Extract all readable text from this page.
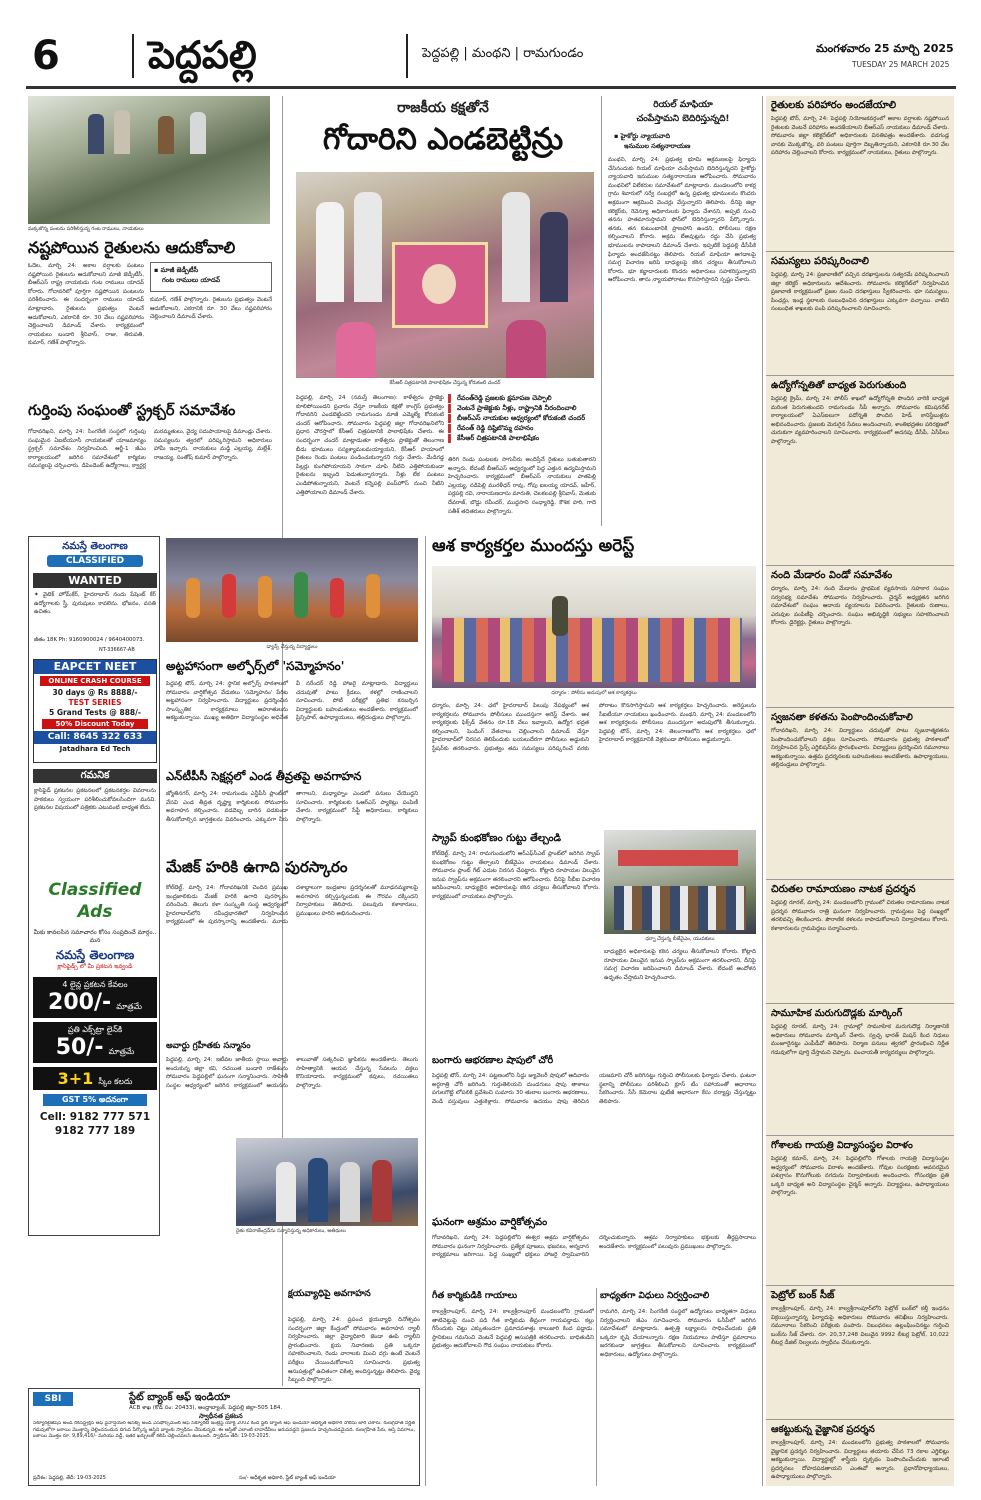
6 పెద్దపల్లి	పెద్దపల్లి | మంథని | రామగుండం	మంగళవారం 25 మార్చి 2025
TUESDAY 25 MARCH 2025
మక్కజొన్న పంటను పరిశీలిస్తున్న గంట రాములు, నాయకులు
నష్టపోయిన రైతులను ఆదుకోవాలి
ఓదెల, మార్చి 24: అకాల వర్షాలకు పంటలు నష్టపోయిన రైతులను ఆదుకోవాలని మాజీ జెడ్పీటీసీ, బీఆర్ఎస్ రాష్ట్ర నాయకుడు గంట రాములు యాదవ్ కోరారు. గోదావరిలో పూర్తిగా నష్టపోయిన పంటలను పరిశీలించారు. ఈ సందర్భంగా రాములు యాదవ్ మాట్లాడారు. రైతులను ప్రభుత్వం వెంటనే ఆదుకోవాలని, ఎకరానికి రూ. 30 వేలు నష్టపరిహారం చెల్లించాలని డిమాండ్ చేశారు. కార్యక్రమంలో నాయకులు బండారి శ్రీనివాస్, రాజు, తిరుపతి, కుమార్, గణేశ్ పాల్గొన్నారు.
▪ మాజీ జెడ్పీటీసీ
గంట రాములు యాదవ్
కుమార్, గణేశ్ పాల్గొన్నారు. రైతులను ప్రభుత్వం వెంటనే ఆదుకోవాలని, ఎకరానికి రూ. 30 వేలు నష్టపరిహారం చెల్లించాలని డిమాండ్ చేశారు.
గుర్తింపు సంఘంతో స్ట్రక్చర్ సమావేశం
గోదావరిఖని, మార్చి 24: సింగరేణి సంస్థలో గుర్తింపు సంఘమైన ఏఐటీయూసీ నాయకులతో యాజమాన్యం స్ట్రక్చర్ సమావేశం నిర్వహించింది. ఆర్జీ-1 జీఎం కార్యాలయంలో జరిగిన సమావేశంలో కార్మికుల సమస్యలపై చర్చించారు. డిపెండెంట్ ఉద్యోగాలు, క్వార్టర్ల మరమ్మతులు, వైద్య సదుపాయాలపై డిమాండ్లు చేశారు. సమస్యలను త్వరలో పరిష్కరిస్తామని అధికారులు హామీ ఇచ్చారు. నాయకులు మడ్డి ఎల్లయ్య, మల్లేశ్, రాజయ్య, సంతోష్ కుమార్ పాల్గొన్నారు.
నమస్తే తెలంగాణ
CLASSIFIED
WANTED
✦ వైటెక్ హోమ్‌కేర్, హైదరాబాద్ నందు పేషెంట్ కేర్ ఉద్యోగాలకు స్త్రీ, పురుషులు కావలెను. భోజనం, వసతి ఉచితం.
జీతం 18K Ph: 9160900024 / 9640400073.
NT-336667-AB
EAPCET NEET
ONLINE CRASH COURSE
30 days @ Rs 8888/-
TEST SERIES
5 Grand Tests @ 888/-
50% Discount Today
Call: 8645 322 633
Jatadhara Ed Tech
గమనిక
క్లాసిఫైడ్ ప్రకటనల ప్రకటనలలో ప్రకటనకర్తల వివరాలను పాఠకులు స్వయంగా పరిశీలించుకోవలసిందిగా మనవి. ప్రకటనల విషయంలో పత్రికకు ఎటువంటి బాధ్యత లేదు.
Classified Ads
మీకు కావలసిన సమాచారం కోసం సంప్రదించే మార్గం.. మన
నమస్తే తెలంగాణ
క్లాసిఫైడ్స్ లో మీ ప్రకటన ఇవ్వండి
4 లైన్ల ప్రకటన కేవలం
200/- మాత్రమే
ప్రతి ఎక్స్‌ట్రా లైన్‌కి
50/- మాత్రమే
3+1 స్కీం కలదు
GST 5% అదనంగా
Cell: 9182 777 571
9182 777 189
డ్యాన్స్ చేస్తున్న విద్యార్థులు
అట్టహాసంగా అల్ఫోర్స్‌లో 'సమ్మోహనం'
పెద్దపల్లి టౌన్, మార్చి 24: స్థానిక అల్ఫోర్స్ పాఠశాలలో సోమవారం వార్షికోత్సవ వేడుకలు 'సమ్మోహనం' పేరిట అట్టహాసంగా నిర్వహించారు. విద్యార్థులు ప్రదర్శించిన సాంస్కృతిక కార్యక్రమాలు ఆహూతులను ఆకట్టుకున్నాయి. ముఖ్య అతిథిగా విద్యాసంస్థల అధినేత వీ నరేందర్ రెడ్డి హాజరై మాట్లాడారు. విద్యార్థులు చదువుతో పాటు క్రీడలు, కళల్లో రాణించాలని సూచించారు. పోటీ పరీక్షల్లో ప్రతిభ కనబర్చిన విద్యార్థులకు బహుమతులు అందజేశారు. కార్యక్రమంలో ప్రిన్సిపాల్, ఉపాధ్యాయులు, తల్లిదండ్రులు పాల్గొన్నారు.
ఎన్‌టీపీసీ సెక్షన్లలో ఎండ తీవ్రతపై అవగాహన
జ్యోతినగర్, మార్చి 24: రామగుండం ఎన్టీపీసీ ప్లాంట్‌లో వేసవి ఎండ తీవ్రత దృష్ట్యా కార్మికులకు సోమవారం అవగాహన కల్పించారు. వడదెబ్బ బారిన పడకుండా తీసుకోవాల్సిన జాగ్రత్తలను వివరించారు. ఎక్కువగా నీరు తాగాలని, మధ్యాహ్నం ఎండలో పనులు చేయొద్దని సూచించారు. కార్మికులకు ఓఆర్ఎస్ ప్యాకెట్లు పంపిణీ చేశారు. కార్యక్రమంలో సేఫ్టీ అధికారులు, కార్మికులు పాల్గొన్నారు.
మేజిక్ హరికి ఉగాది పురస్కారం
కోల్‌బెల్ట్, మార్చి 24: గోదావరిఖనికి చెందిన ప్రముఖ ఇంద్రజాలికుడు మేజిక్ హరికి ఉగాది పురస్కారం వరించింది. తెలుగు కళా సంస్కృతి సంస్థ ఆధ్వర్యంలో హైదరాబాద్‌లోని రవీంద్రభారతిలో నిర్వహించిన కార్యక్రమంలో ఈ పురస్కారాన్ని అందజేశారు. మూడు దశాబ్దాలుగా ఇంద్రజాల ప్రదర్శనలతో మూఢనమ్మకాలపై అవగాహన కల్పిస్తున్నందుకు ఈ గౌరవం దక్కిందని నిర్వాహకులు తెలిపారు. పలువురు కళాకారులు, ప్రముఖులు హరిని అభినందించారు.
అవార్డు గ్రహీతకు సన్మానం
పెద్దపల్లి, మార్చి 24: ఇటీవల జాతీయ స్థాయి అవార్డు అందుకున్న జిల్లా కవి, రచయిత బండారి రాజేశంను సోమవారం పెద్దపల్లిలో ఘనంగా సన్మానించారు. సాహితీ సంస్థల ఆధ్వర్యంలో జరిగిన కార్యక్రమంలో ఆయనను శాలువాతో సత్కరించి జ్ఞాపికను అందజేశారు. తెలుగు సాహిత్యానికి ఆయన చేస్తున్న సేవలను వక్తలు కొనియాడారు. కార్యక్రమంలో కవులు, రచయితలు పాల్గొన్నారు.
రైతు కవిరాజేంద్రన్‌ను సన్మానిస్తున్న అధికారులు, అతిథులు
SBI	స్టేట్ బ్యాంక్ ఆఫ్ ఇండియా
ACB శాఖ (కోడ్ సం: 20433), ఆంధ్రాబ్యాంక్, పెద్దపల్లి జిల్లా-505 184.
స్వాధీనత ప్రకటన
సెక్యూరిటైజేషన్ అండ్ రీకన్‌స్ట్రక్షన్ ఆఫ్ ఫైనాన్షియల్ అసెట్స్ అండ్ ఎన్‌ఫోర్స్‌మెంట్ ఆఫ్ సెక్యూరిటీ ఇంట్రెస్ట్ యాక్ట్ 2002 కింద స్టేట్ బ్యాంక్ ఆఫ్ ఇండియా అధీకృత అధికారి నోటీసు జారీ చేశారు. రుణగ్రహీత నిర్ణీత గడువులోగా బకాయి మొత్తాన్ని చెల్లించనందున దిగువ పేర్కొన్న ఆస్తిని బ్యాంకు స్వాధీనం చేసుకున్నది. ఈ ఆస్తితో ఎలాంటి లావాదేవీలు జరుపవద్దని ప్రజలను హెచ్చరించడమైనది. రుణగ్రహీత పేరు, ఆస్తి వివరాలు, బకాయి మొత్తం రూ. 9,89,416/- మరియు వడ్డీ, ఇతర ఖర్చులతో కలిపి చెల్లించవలసి ఉంటుంది. స్వాధీనం తేదీ: 19-03-2025.
ప్రదేశం: పెద్దపల్లి, తేదీ: 19-03-2025	సం/- అధీకృత అధికారి, స్టేట్ బ్యాంక్ ఆఫ్ ఇండియా
రాజకీయ కక్షతోనే
గోదారిని ఎండబెట్టిన్రు
కేసీఆర్ చిత్రపటానికి పాలాభిషేకం చేస్తున్న కోరుకంటి చందర్
పెద్దపల్లి, మార్చి 24 (నమస్తే తెలంగాణ): కాళేశ్వరం ప్రాజెక్టు కూలిపోయిందని ప్రచారం చేస్తూ రాజకీయ కక్షతో కాంగ్రెస్ ప్రభుత్వం గోదావరిని ఎండబెట్టిందని రామగుండం మాజీ ఎమ్మెల్యే కోరుకంటి చందర్ ఆరోపించారు. సోమవారం పెద్దపల్లి జిల్లా గోదావరిఖనిలోని ప్రధాన చౌరస్తాలో కేసీఆర్ చిత్రపటానికి పాలాభిషేకం చేశారు. ఈ సందర్భంగా చందర్ మాట్లాడుతూ కాళేశ్వరం ప్రాజెక్టుతో తెలంగాణ బీడు భూములు సస్యశ్యామలమయ్యాయని, కేసీఆర్ హయాంలో రైతులు రెండు పంటలు పండించుకున్నారని గుర్తు చేశారు. మేడిగడ్డ పిల్లర్లు కుంగిపోయాయని సాకుగా చూపి నీటిని ఎత్తిపోయకుండా రైతులను ఇబ్బంది పెడుతున్నారన్నారు. నీళ్లు లేక పంటలు ఎండిపోతున్నాయని, వెంటనే కన్నెపల్లి పంప్‌హౌస్ నుంచి నీటిని ఎత్తిపోయాలని డిమాండ్ చేశారు.
రేవంత్‌రెడ్డి ప్రజలకు క్షమాపణ చెప్పాలి
వెంటనే ప్రాజెక్టుకు నీళ్లు, రాష్ట్రానికి నీరందించాలి
బీఆర్ఎస్ నాయకుల ఆధ్వర్యంలో కోరుకంటి చందర్
రేవంత్ రెడ్డి దిష్టిబొమ్మ దహనం
కేసీఆర్ చిత్రపటానికి పాలాభిషేకం
తిరిగి రెండు పంటలకు సాగునీరు అందిస్తేనే రైతులు బతుకుతారని అన్నారు. లేదంటే బీఆర్ఎస్ ఆధ్వర్యంలో పెద్ద ఎత్తున ఉద్యమిస్తామని హెచ్చరించారు. కార్యక్రమంలో బీఆర్ఎస్ నాయకులు పాతపెల్లి ఎల్లయ్య, నడిపెల్లి మురళీధర్ రావు, గోపు ఐలయ్య యాదవ్, జహీర్, పర్లపల్లి రవి, నారాయణదాసు మారుతి, చెలకలపల్లి శ్రీనివాస్, మెతుకు దేవరాజ్, బొడ్డు రవీందర్, ముద్దసాని సంధ్యారెడ్డి, కౌశిక హరి, గాదె సతీశ్ తదితరులు పాల్గొన్నారు.
రియల్ మాఫియా
చంపేస్తామని బెదిరిస్తున్నది!
▪ హైకోర్టు న్యాయవాది
ఇనుముల సత్యనారాయణ
మంథని, మార్చి 24: ప్రభుత్వ భూమి ఆక్రమణలపై ఫిర్యాదు చేసినందుకు రియల్ మాఫియా చంపేస్తామని బెదిరిస్తున్నదని హైకోర్టు న్యాయవాది ఇనుముల సత్యనారాయణ ఆరోపించారు. సోమవారం మంథనిలో విలేకరుల సమావేశంలో మాట్లాడారు. మండలంలోని కాకర్ల గ్రామ శివారులో సర్వే నంబర్లలో ఉన్న ప్రభుత్వ భూములను కొందరు అక్రమంగా ఆక్రమించి వెంచర్లు వేస్తున్నారని తెలిపారు. దీనిపై జిల్లా కలెక్టర్‌కు, రెవెన్యూ అధికారులకు ఫిర్యాదు చేశానని, అప్పటి నుంచి తనను హతమారుస్తామని ఫోన్‌లో బెదిరిస్తున్నారని పేర్కొన్నారు. తనకు, తన కుటుంబానికి ప్రాణహాని ఉందని, పోలీసులు రక్షణ కల్పించాలని కోరారు. అక్రమ లేఅవుట్లను రద్దు చేసి ప్రభుత్వ భూములను కాపాడాలని డిమాండ్ చేశారు. ఇప్పటికే పెద్దపల్లి డీసీపీకి ఫిర్యాదు అందజేసినట్టు తెలిపారు. రియల్ మాఫియా ఆగడాలపై సమగ్ర విచారణ జరిపి బాధ్యులపై కఠిన చర్యలు తీసుకోవాలని కోరారు. భూ కబ్జాదారులకు కొందరు అధికారులు సహకరిస్తున్నారని ఆరోపించారు. తాను న్యాయపోరాటం కొనసాగిస్తానని స్పష్టం చేశారు.
ఆశ కార్యకర్తల ముందస్తు అరెస్ట్
ధర్మారం : పోలీసు అదుపులో ఆశ కార్యకర్తలు
ధర్మారం, మార్చి 24: ఛలో హైదరాబాద్ పిలుపు నేపథ్యంలో ఆశ కార్యకర్తలను సోమవారం పోలీసులు ముందస్తుగా అరెస్ట్ చేశారు. ఆశ కార్యకర్తలకు ఫిక్స్‌డ్ వేతనం రూ.18 వేలు ఇవ్వాలని, ఉద్యోగ భద్రత కల్పించాలని, పెండింగ్ వేతనాలు చెల్లించాలని డిమాండ్ చేస్తూ హైదరాబాద్‌లో నిరసన తెలిపేందుకు బయలుదేరగా పోలీసులు అడ్డుకుని స్టేషన్‌కు తరలించారు. ప్రభుత్వం తమ సమస్యలు పరిష్కరించే వరకు పోరాటం కొనసాగిస్తామని ఆశ కార్యకర్తలు హెచ్చరించారు. అరెస్టులను సీఐటీయూ నాయకులు ఖండించారు. మంథని, మార్చి 24: మండలంలోని ఆశ కార్యకర్తలను పోలీసులు ముందస్తుగా అదుపులోకి తీసుకున్నారు. పెద్దపల్లి టౌన్, మార్చి 24: తెలంగాణలోని ఆశ కార్యకర్తలు ఛలో హైదరాబాద్ కార్యక్రమానికి వెళ్లకుండా పోలీసులు అడ్డుకున్నారు.
స్క్రాప్ కుంభకోణం గుట్టు తేల్చండి
కోల్‌బెల్ట్, మార్చి 24: రామగుండంలోని ఆర్ఎఫ్‌సీఎల్ ప్లాంట్‌లో జరిగిన స్క్రాప్ కుంభకోణం గుట్టు తేల్చాలని బీజేవైఎం నాయకులు డిమాండ్ చేశారు. సోమవారం ప్లాంట్ గేట్ ఎదుట నిరసన చేపట్టారు. కోట్లాది రూపాయల విలువైన ఇనుప స్క్రాప్‌ను అక్రమంగా తరలించారని ఆరోపించారు. దీనిపై సీబీఐ విచారణ జరిపించాలని, బాధ్యులైన అధికారులపై కఠిన చర్యలు తీసుకోవాలని కోరారు. కార్యక్రమంలో నాయకులు పాల్గొన్నారు.
ధర్నా చేస్తున్న బీజేవైఎం, యువకులు
బాధ్యులైన అధికారులపై కఠిన చర్యలు తీసుకోవాలని కోరారు. కోట్లాది రూపాయల విలువైన ఇనుప స్క్రాప్‌ను అక్రమంగా తరలించారని, దీనిపై సమగ్ర విచారణ జరిపించాలని డిమాండ్ చేశారు. లేదంటే ఆందోళన ఉధృతం చేస్తామని హెచ్చరించారు.
బంగారు ఆభరణాల షాపులో చోరీ
పెద్దపల్లి టౌన్, మార్చి 24: పట్టణంలోని సిద్దు జ్యువెలరీ షాపులో ఆదివారం అర్ధరాత్రి చోరీ జరిగింది. గుర్తుతెలియని దుండగులు షాపు తాళాలు పగులగొట్టి లోపలికి ప్రవేశించి సుమారు 30 తులాల బంగారు ఆభరణాలు, వెండి వస్తువులు ఎత్తుకెళ్లారు. సోమవారం ఉదయం షాపు తెరిచిన యజమాని చోరీ జరిగినట్టు గుర్తించి పోలీసులకు ఫిర్యాదు చేశారు. ఘటనా స్థలాన్ని పోలీసులు పరిశీలించి క్లూస్ టీం సహాయంతో ఆధారాలు సేకరించారు. సీసీ కెమెరాల ఫుటేజీ ఆధారంగా కేసు దర్యాప్తు చేస్తున్నట్టు తెలిపారు.
ఘనంగా ఆశ్రమం వార్షికోత్సవం
గోదావరిఖని, మార్చి 24: పెద్దపల్లిలోని ఈశ్వర ఆశ్రమ వార్షికోత్సవం సోమవారం ఘనంగా నిర్వహించారు. ప్రత్యేక పూజలు, భజనలు, అన్నదాన కార్యక్రమాలు జరిగాయి. పెద్ద సంఖ్యలో భక్తులు హాజరై స్వామివారిని దర్శించుకున్నారు. ఆశ్రమ నిర్వాహకులు భక్తులకు తీర్థప్రసాదాలు అందజేశారు. కార్యక్రమంలో పలువురు ప్రముఖులు పాల్గొన్నారు.
క్షయవ్యాధిపై అవగాహన
పెద్దపల్లి, మార్చి 24: ప్రపంచ క్షయవ్యాధి దినోత్సవం సందర్భంగా జిల్లా కేంద్రంలో సోమవారం అవగాహన ర్యాలీ నిర్వహించారు. జిల్లా వైద్యాధికారి జెండా ఊపి ర్యాలీని ప్రారంభించారు. క్షయ నివారణకు ప్రతి ఒక్కరూ సహకరించాలని, రెండు వారాలకు మించి దగ్గు ఉంటే వెంటనే పరీక్షలు చేయించుకోవాలని సూచించారు. ప్రభుత్వ ఆసుపత్రుల్లో ఉచితంగా చికిత్స అందిస్తున్నట్టు తెలిపారు. వైద్య సిబ్బంది పాల్గొన్నారు.
గీత కార్మికుడికి గాయాలు
కాల్వశ్రీరాంపూర్, మార్చి 24: కాల్వశ్రీరాంపూర్ మండలంలోని గ్రామంలో తాటిచెట్టుపై నుంచి పడి గీత కార్మికుడు తీవ్రంగా గాయపడ్డాడు. కల్లు గీసేందుకు చెట్టు ఎక్కుతుండగా ప్రమాదవశాత్తు కాలుజారి కింద పడ్డాడు. స్థానికులు గమనించి వెంటనే పెద్దపల్లి ఆసుపత్రికి తరలించారు. బాధితుడిని ప్రభుత్వం ఆదుకోవాలని గౌడ సంఘం నాయకులు కోరారు.
బాధ్యతగా విధులు నిర్వర్తించాలి
రామగిరి, మార్చి 24: సింగరేణి సంస్థలో ఉద్యోగులు బాధ్యతగా విధులు నిర్వర్తించాలని జీఎం సూచించారు. సోమవారం ఓసీపీలో జరిగిన సమావేశంలో మాట్లాడారు. ఉత్పత్తి లక్ష్యాలను సాధించేందుకు ప్రతి ఒక్కరూ కృషి చేయాలన్నారు. రక్షణ నియమాలు పాటిస్తూ ప్రమాదాలు జరగకుండా జాగ్రత్తలు తీసుకోవాలని సూచించారు. కార్యక్రమంలో అధికారులు, ఉద్యోగులు పాల్గొన్నారు.
రైతులకు పరిహారం అందజేయాలి
పెద్దపల్లి టౌన్, మార్చి 24: పెద్దపల్లి నియోజకవర్గంలో అకాల వర్షాలకు నష్టపోయిన రైతులకు వెంటనే పరిహారం అందజేయాలని బీఆర్ఎస్ నాయకులు డిమాండ్ చేశారు. సోమవారం జిల్లా కలెక్టరేట్‌లో అధికారులకు వినతిపత్రం అందజేశారు. వడగండ్ల వానకు మొక్కజొన్న, వరి పంటలు పూర్తిగా దెబ్బతిన్నాయని, ఎకరానికి రూ.30 వేల పరిహారం చెల్లించాలని కోరారు. కార్యక్రమంలో నాయకులు, రైతులు పాల్గొన్నారు.
సమస్యలు పరిష్కరించాలి
పెద్దపల్లి, మార్చి 24: ప్రజావాణిలో వచ్చిన దరఖాస్తులను సత్వరమే పరిష్కరించాలని జిల్లా కలెక్టర్ అధికారులను ఆదేశించారు. సోమవారం కలెక్టరేట్‌లో నిర్వహించిన ప్రజావాణి కార్యక్రమంలో ప్రజల నుంచి దరఖాస్తులు స్వీకరించారు. భూ సమస్యలు, పింఛన్లు, ఇండ్ల స్థలాలకు సంబంధించిన దరఖాస్తులు ఎక్కువగా వచ్చాయి. వాటిని సంబంధిత శాఖలకు పంపి పరిష్కరించాలని సూచించారు.
ఉద్యోగోన్నతితో బాధ్యత పెరుగుతుంది
పెద్దపల్లి క్రైమ్, మార్చి 24: పోలీస్ శాఖలో ఉద్యోగోన్నతి పొందిన వారికి బాధ్యత మరింత పెరుగుతుందని రామగుండం సీపీ అన్నారు. సోమవారం కమిషనరేట్ కార్యాలయంలో ఏఎస్ఐలుగా పదోన్నతి పొందిన హెడ్ కానిస్టేబుళ్లను అభినందించారు. ప్రజలకు మెరుగైన సేవలు అందించాలని, శాంతిభద్రతల పరిరక్షణలో చురుకుగా వ్యవహరించాలని సూచించారు. కార్యక్రమంలో అదనపు డీసీపీ, ఏసీపీలు పాల్గొన్నారు.
నంది మేడారం విండో సమావేశం
ధర్మారం, మార్చి 24: నంది మేడారం ప్రాథమిక వ్యవసాయ సహకార సంఘం సర్వసభ్య సమావేశం సోమవారం నిర్వహించారు. చైర్మన్ అధ్యక్షతన జరిగిన సమావేశంలో సంఘం ఆదాయ వ్యయాలను వివరించారు. రైతులకు రుణాలు, ఎరువుల పంపిణీపై చర్చించారు. సంఘం అభివృద్ధికి సభ్యులు సహకరించాలని కోరారు. డైరెక్టర్లు, రైతులు పాల్గొన్నారు.
స్వజనతా కళతను పెంపొందించుకోవాలి
గోదావరిఖని, మార్చి 24: విద్యార్థులు చదువుతో పాటు సృజనాత్మకతను పెంపొందించుకోవాలని వక్తలు సూచించారు. సోమవారం ప్రభుత్వ పాఠశాలలో నిర్వహించిన సైన్స్ ఎగ్జిబిషన్‌ను ప్రారంభించారు. విద్యార్థులు ప్రదర్శించిన నమూనాలు ఆకట్టుకున్నాయి. ఉత్తమ ప్రదర్శనలకు బహుమతులు అందజేశారు. ఉపాధ్యాయులు, తల్లిదండ్రులు పాల్గొన్నారు.
చిరుతల రామాయణం నాటక ప్రదర్శన
పెద్దపల్లి రూరల్, మార్చి 24: మండలంలోని గ్రామంలో చిరుతల రామాయణం నాటక ప్రదర్శన సోమవారం రాత్రి ఘనంగా నిర్వహించారు. గ్రామస్తులు పెద్ద సంఖ్యలో తరలివచ్చి తిలకించారు. పౌరాణిక కళలను కాపాడుకోవాలని నిర్వాహకులు కోరారు. కళాకారులను గ్రామపెద్దలు సన్మానించారు.
సామూహిక మరుగుదొడ్లకు మార్కింగ్
పెద్దపల్లి రూరల్, మార్చి 24: గ్రామాల్లో సామూహిక మరుగుదొడ్ల నిర్మాణానికి అధికారులు సోమవారం మార్కింగ్ చేశారు. స్వచ్ఛ భారత్ మిషన్ కింద నిధులు మంజూరైనట్టు ఎంపీడీవో తెలిపారు. నిర్మాణ పనులు త్వరలో ప్రారంభించి నిర్ణీత గడువులోగా పూర్తి చేస్తామని చెప్పారు. పంచాయతీ కార్యదర్శులు పాల్గొన్నారు.
గోశాలకు గాయత్రి విద్యాసంస్థల విరాళం
పెద్దపల్లి కమాన్, మార్చి 24: పెద్దపల్లిలోని గోశాలకు గాయత్రి విద్యాసంస్థల ఆధ్వర్యంలో సోమవారం విరాళం అందజేశారు. గోవుల సంరక్షణకు అవసరమైన పశుగ్రాసం కొనుగోలుకు నగదును నిర్వాహకులకు అందించారు. గోసంరక్షణ ప్రతి ఒక్కరి బాధ్యత అని విద్యాసంస్థల చైర్మన్ అన్నారు. విద్యార్థులు, ఉపాధ్యాయులు పాల్గొన్నారు.
పెట్రోల్ బంక్ సీజ్
కాల్వశ్రీరాంపూర్, మార్చి 24: కాల్వశ్రీరాంపూర్‌లోని పెట్రోల్ బంక్‌లో కల్తీ ఇంధనం విక్రయిస్తున్నారన్న ఫిర్యాదుపై అధికారులు సోమవారం తనిఖీలు నిర్వహించారు. నమూనాలు సేకరించి పరీక్షలకు పంపారు. నిబంధనలు ఉల్లంఘించినట్టు గుర్తించి బంక్‌ను సీజ్ చేశారు. రూ. 20,37,248 విలువైన 9992 లీటర్ల పెట్రోల్, 10,022 లీటర్ల డీజిల్ నిల్వలను స్వాధీనం చేసుకున్నారు.
ఆకట్టుకున్న వైజ్ఞానిక ప్రదర్శన
కాల్వశ్రీరాంపూర్, మార్చి 24: మండలంలోని ప్రభుత్వ పాఠశాలలో సోమవారం వైజ్ఞానిక ప్రదర్శన నిర్వహించారు. విద్యార్థులు తయారు చేసిన 73 రకాల ఎగ్జిబిట్లు ఆకట్టుకున్నాయి. విద్యార్థుల్లో శాస్త్రీయ దృక్పథం పెంపొందించేందుకు ఇలాంటి ప్రదర్శనలు దోహదపడతాయని ఎంఈవో అన్నారు. ప్రధానోపాధ్యాయులు, ఉపాధ్యాయులు పాల్గొన్నారు.
